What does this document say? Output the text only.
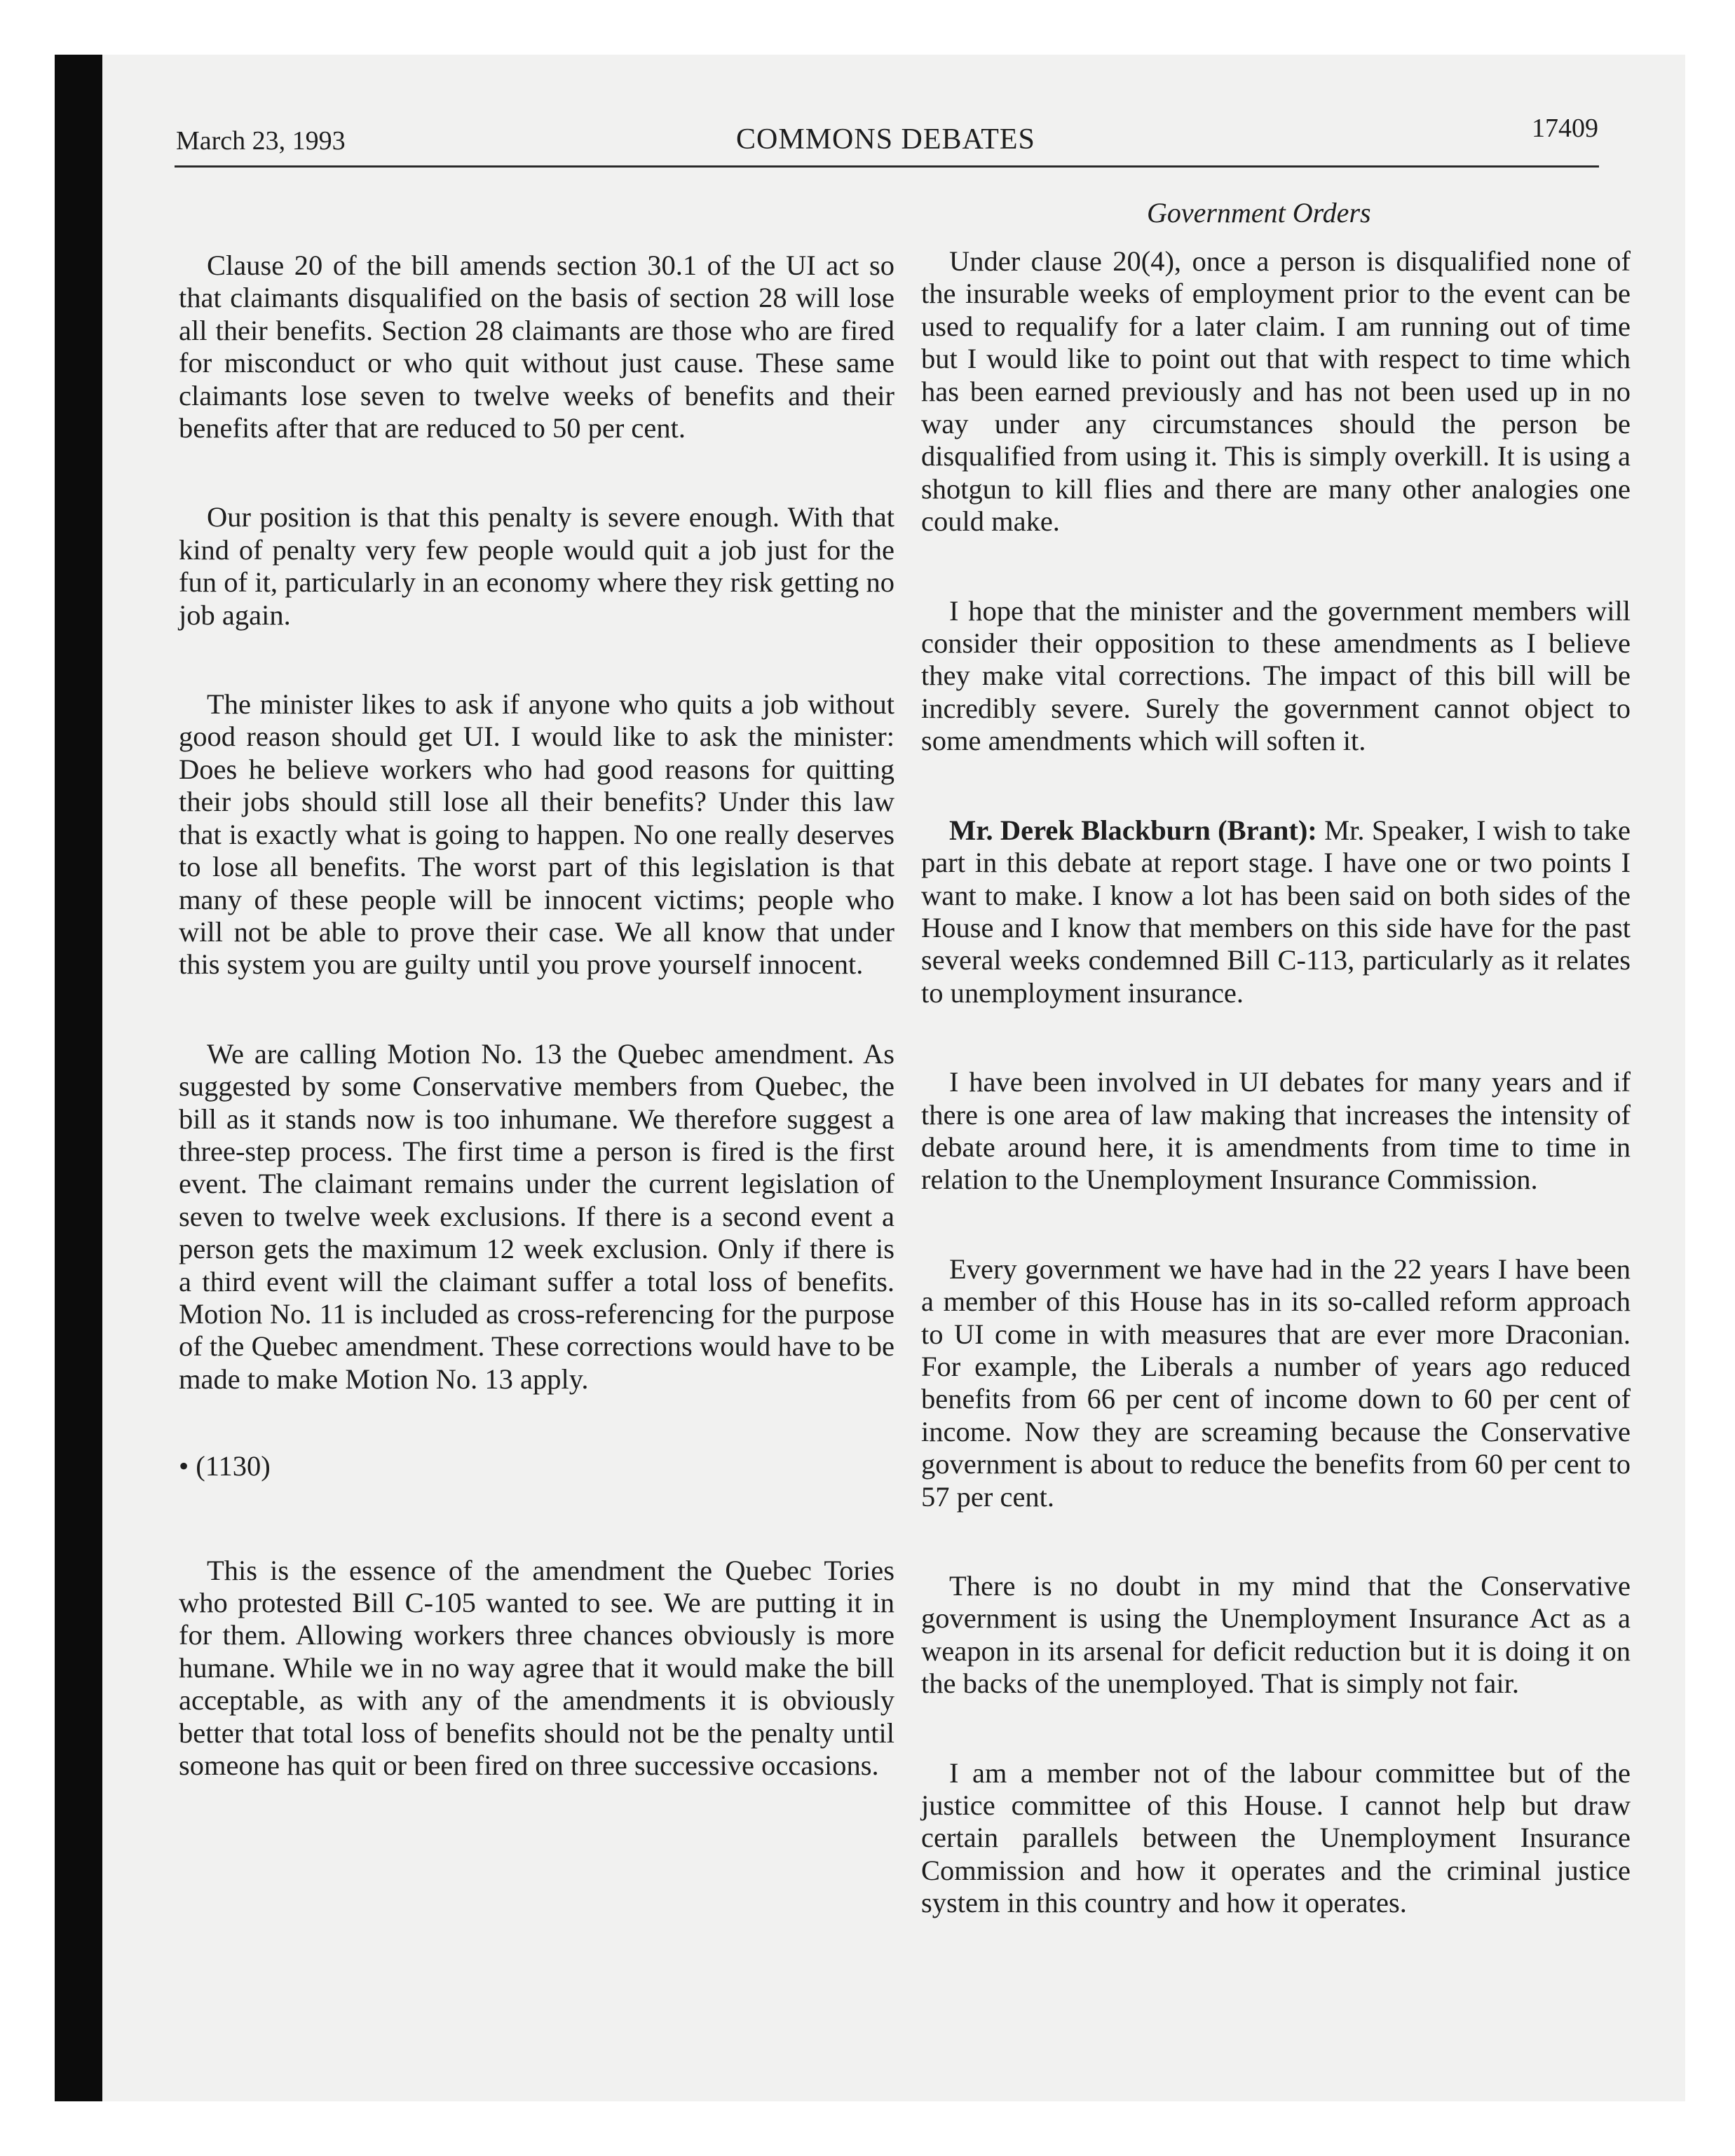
March 23, 1993	COMMONS DEBATES	17409
Government Orders

Clause 20 of the bill amends section 30.1 of the UI act so that claimants disqualified on the basis of section 28 will lose all their benefits. Section 28 claimants are those who are fired for misconduct or who quit without just cause. These same claimants lose seven to twelve weeks of benefits and their benefits after that are reduced to 50 per cent.

Our position is that this penalty is severe enough. With that kind of penalty very few people would quit a job just for the fun of it, particularly in an economy where they risk getting no job again.

The minister likes to ask if anyone who quits a job without good reason should get UI. I would like to ask the minister: Does he believe workers who had good reasons for quitting their jobs should still lose all their benefits? Under this law that is exactly what is going to happen. No one really deserves to lose all benefits. The worst part of this legislation is that many of these people will be innocent victims; people who will not be able to prove their case. We all know that under this system you are guilty until you prove yourself innocent.

We are calling Motion No. 13 the Quebec amendment. As suggested by some Conservative members from Quebec, the bill as it stands now is too inhumane. We therefore suggest a three-step process. The first time a person is fired is the first event. The claimant remains under the current legislation of seven to twelve week exclusions. If there is a second event a person gets the maximum 12 week exclusion. Only if there is a third event will the claimant suffer a total loss of benefits. Motion No. 11 is included as cross-referencing for the purpose of the Quebec amendment. These corrections would have to be made to make Motion No. 13 apply.

• (1130)

This is the essence of the amendment the Quebec Tories who protested Bill C-105 wanted to see. We are putting it in for them. Allowing workers three chances obviously is more humane. While we in no way agree that it would make the bill acceptable, as with any of the amendments it is obviously better that total loss of benefits should not be the penalty until someone has quit or been fired on three successive occasions.

Under clause 20(4), once a person is disqualified none of the insurable weeks of employment prior to the event can be used to requalify for a later claim. I am running out of time but I would like to point out that with respect to time which has been earned previously and has not been used up in no way under any circumstances should the person be disqualified from using it. This is simply overkill. It is using a shotgun to kill flies and there are many other analogies one could make.

I hope that the minister and the government members will consider their opposition to these amendments as I believe they make vital corrections. The impact of this bill will be incredibly severe. Surely the government cannot object to some amendments which will soften it.

Mr. Derek Blackburn (Brant): Mr. Speaker, I wish to take part in this debate at report stage. I have one or two points I want to make. I know a lot has been said on both sides of the House and I know that members on this side have for the past several weeks condemned Bill C-113, particularly as it relates to unemployment insurance.

I have been involved in UI debates for many years and if there is one area of law making that increases the intensity of debate around here, it is amendments from time to time in relation to the Unemployment Insurance Commission.

Every government we have had in the 22 years I have been a member of this House has in its so-called reform approach to UI come in with measures that are ever more Draconian. For example, the Liberals a number of years ago reduced benefits from 66 per cent of income down to 60 per cent of income. Now they are screaming because the Conservative government is about to reduce the benefits from 60 per cent to 57 per cent.

There is no doubt in my mind that the Conservative government is using the Unemployment Insurance Act as a weapon in its arsenal for deficit reduction but it is doing it on the backs of the unemployed. That is simply not fair.

I am a member not of the labour committee but of the justice committee of this House. I cannot help but draw certain parallels between the Unemployment Insurance Commission and how it operates and the criminal justice system in this country and how it operates.
